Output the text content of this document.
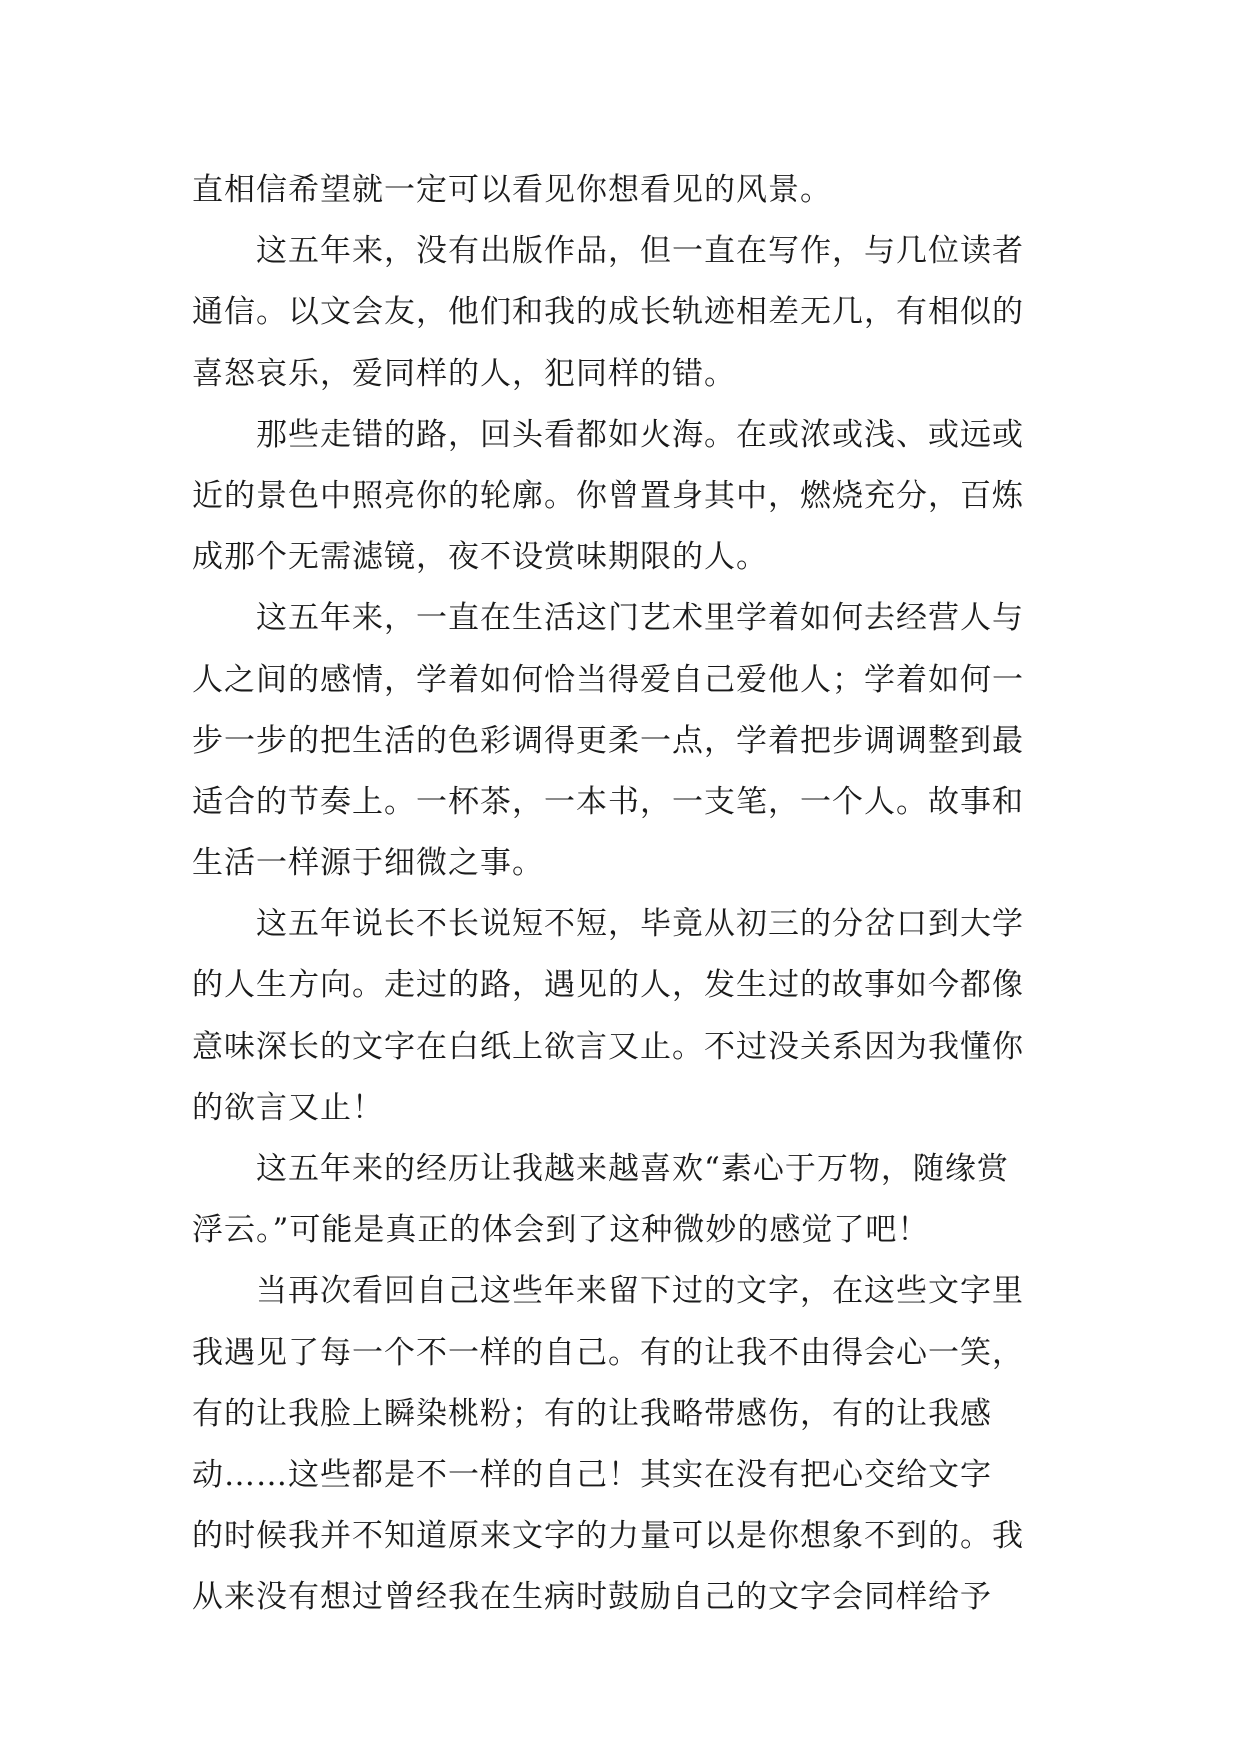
直相信希望就一定可以看见你想看见的风景。
这五年来，没有出版作品，但一直在写作，与几位读者
通信。以文会友，他们和我的成长轨迹相差无几，有相似的
喜怒哀乐，爱同样的人，犯同样的错。
那些走错的路，回头看都如火海。在或浓或浅、或远或
近的景色中照亮你的轮廓。你曾置身其中，燃烧充分，百炼
成那个无需滤镜，夜不设赏味期限的人。
这五年来，一直在生活这门艺术里学着如何去经营人与
人之间的感情，学着如何恰当得爱自己爱他人；学着如何一
步一步的把生活的色彩调得更柔一点，学着把步调调整到最
适合的节奏上。一杯茶，一本书，一支笔，一个人。故事和
生活一样源于细微之事。
这五年说长不长说短不短，毕竟从初三的分岔口到大学
的人生方向。走过的路，遇见的人，发生过的故事如今都像
意味深长的文字在白纸上欲言又止。不过没关系因为我懂你
的欲言又止！
这五年来的经历让我越来越喜欢“素心于万物，随缘赏
浮云。”可能是真正的体会到了这种微妙的感觉了吧！
当再次看回自己这些年来留下过的文字，在这些文字里
我遇见了每一个不一样的自己。有的让我不由得会心一笑，
有的让我脸上瞬染桃粉；有的让我略带感伤，有的让我感
动……这些都是不一样的自己！其实在没有把心交给文字
的时候我并不知道原来文字的力量可以是你想象不到的。我
从来没有想过曾经我在生病时鼓励自己的文字会同样给予
